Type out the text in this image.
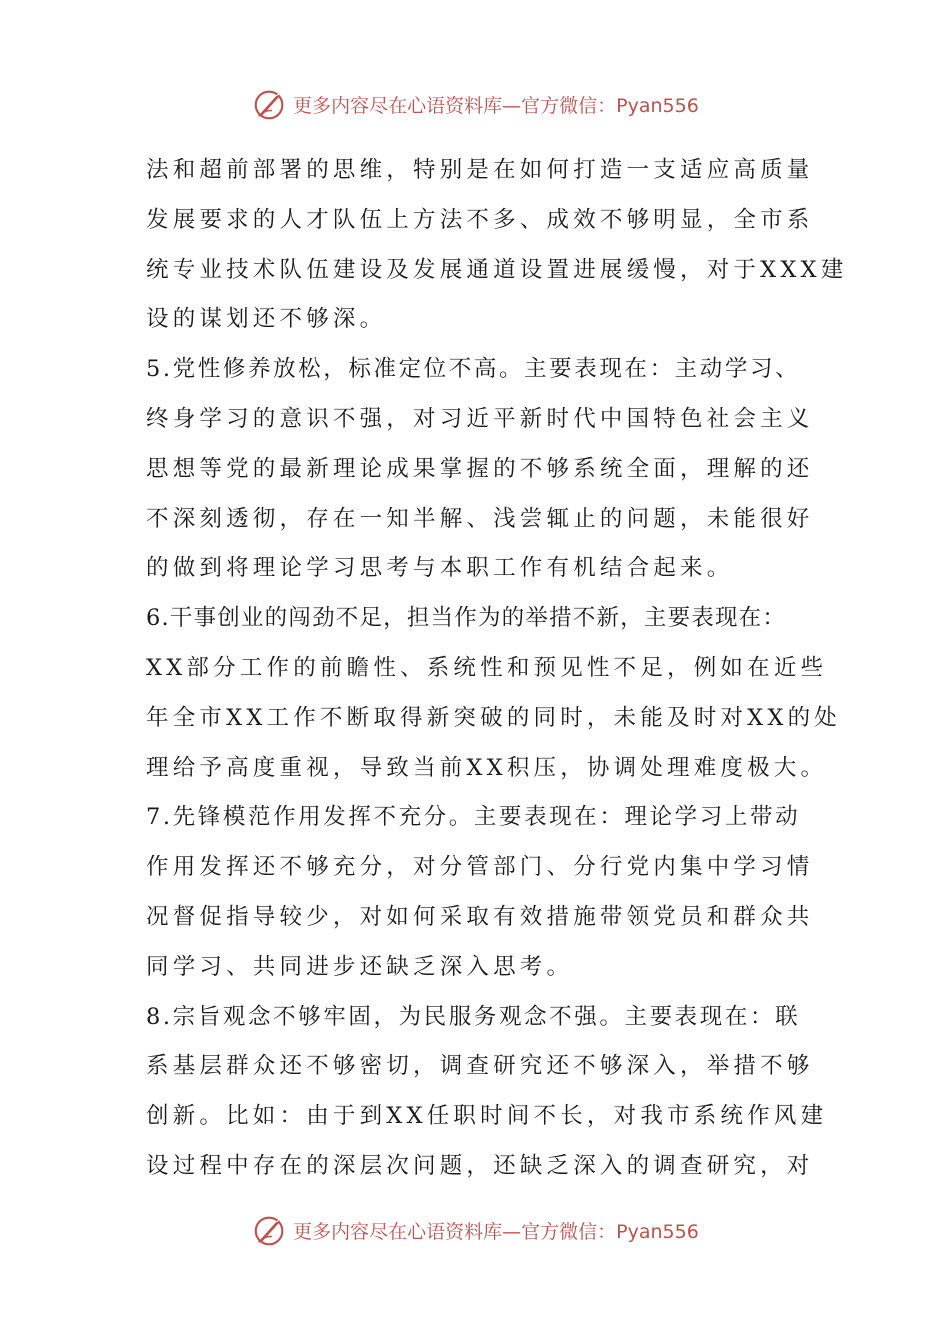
更多内容尽在心语资料库 —官方微信：Pyan556
法和超前部署的思维，特别是在如何打造一支适应高质量
发展要求的人才队伍上方法不多、成效不够明显，全市系
统专业技术队伍建设及发展通道设置进展缓慢，对于XXX建
设的谋划还不够深。
5.党性修养放松，标准定位不高。主要表现在：主动学习、
终身学习的意识不强，对习近平新时代中国特色社会主义
思想等党的最新理论成果掌握的不够系统全面，理解的还
不深刻透彻，存在一知半解、浅尝辄止的问题，未能很好
的做到将理论学习思考与本职工作有机结合起来。
6.干事创业的闯劲不足，担当作为的举措不新，主要表现在：
XX部分工作的前瞻性、系统性和预见性不足，例如在近些
年全市XX工作不断取得新突破的同时，未能及时对XX的处
理给予高度重视，导致当前XX积压，协调处理难度极大。
7.先锋模范作用发挥不充分。主要表现在：理论学习上带动
作用发挥还不够充分，对分管部门、分行党内集中学习情
况督促指导较少，对如何采取有效措施带领党员和群众共
同学习、共同进步还缺乏深入思考。
8.宗旨观念不够牢固，为民服务观念不强。主要表现在：联
系基层群众还不够密切，调查研究还不够深入，举措不够
创新。比如：由于到XX任职时间不长，对我市系统作风建
设过程中存在的深层次问题，还缺乏深入的调查研究，对
更多内容尽在心语资料库 —官方微信：Pyan556
